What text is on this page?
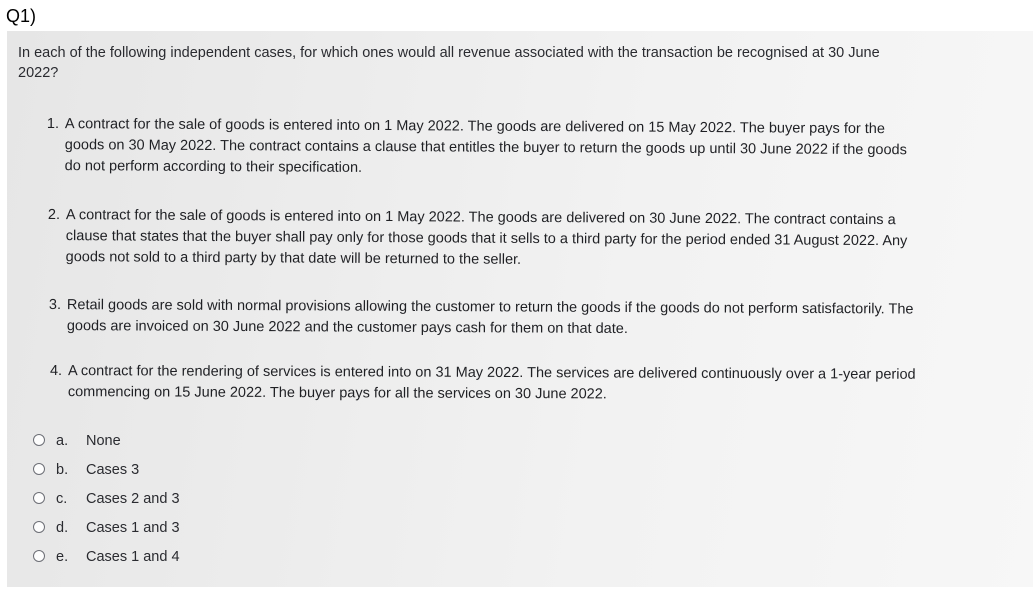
Q1)
In each of the following independent cases, for which ones would all revenue associated with the transaction be recognised at 30 June
2022?
1. A contract for the sale of goods is entered into on 1 May 2022. The goods are delivered on 15 May 2022. The buyer pays for the
goods on 30 May 2022. The contract contains a clause that entitles the buyer to return the goods up until 30 June 2022 if the goods
do not perform according to their specification.
2. A contract for the sale of goods is entered into on 1 May 2022. The goods are delivered on 30 June 2022. The contract contains a
clause that states that the buyer shall pay only for those goods that it sells to a third party for the period ended 31 August 2022. Any
goods not sold to a third party by that date will be returned to the seller.
3. Retail goods are sold with normal provisions allowing the customer to return the goods if the goods do not perform satisfactorily. The
goods are invoiced on 30 June 2022 and the customer pays cash for them on that date.
4. A contract for the rendering of services is entered into on 31 May 2022. The services are delivered continuously over a 1-year period
commencing on 15 June 2022. The buyer pays for all the services on 30 June 2022.
a. None
b. Cases 3
c. Cases 2 and 3
d. Cases 1 and 3
e. Cases 1 and 4
